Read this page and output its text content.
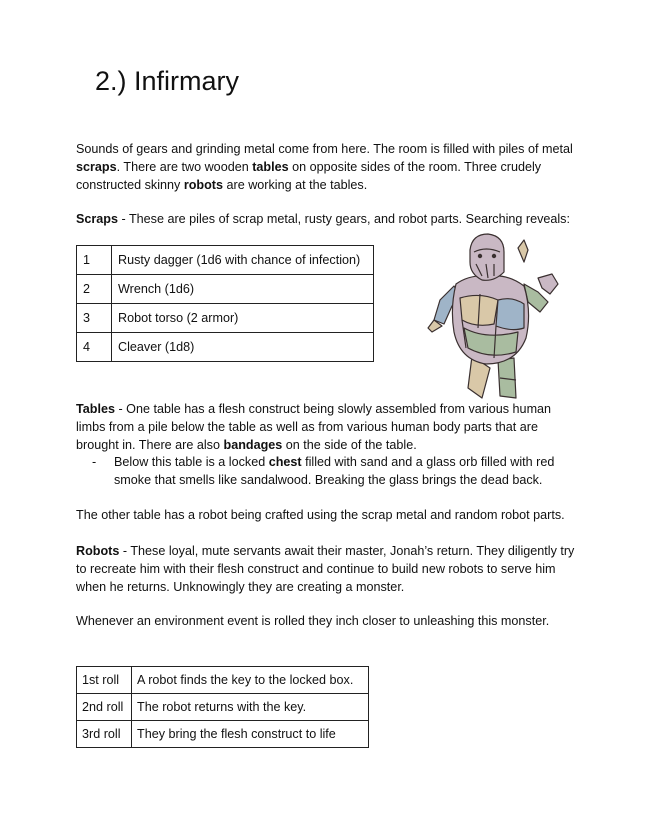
2.) Infirmary

Sounds of gears and grinding metal come from here. The room is filled with piles of metal scraps. There are two wooden tables on opposite sides of the room. Three crudely constructed skinny robots are working at the tables.

Scraps - These are piles of scrap metal, rusty gears, and robot parts. Searching reveals:

1	Rusty dagger (1d6 with chance of infection)
2	Wrench (1d6)
3	Robot torso (2 armor)
4	Cleaver (1d8)

Tables - One table has a flesh construct being slowly assembled from various human limbs from a pile below the table as well as from various human body parts that are brought in. There are also bandages on the side of the table.

- Below this table is a locked chest filled with sand and a glass orb filled with red smoke that smells like sandalwood. Breaking the glass brings the dead back.

The other table has a robot being crafted using the scrap metal and random robot parts.

Robots - These loyal, mute servants await their master, Jonah’s return. They diligently try to recreate him with their flesh construct and continue to build new robots to serve him when he returns. Unknowingly they are creating a monster.

Whenever an environment event is rolled they inch closer to unleashing this monster.

1st roll	A robot finds the key to the locked box.
2nd roll	The robot returns with the key.
3rd roll	They bring the flesh construct to life
